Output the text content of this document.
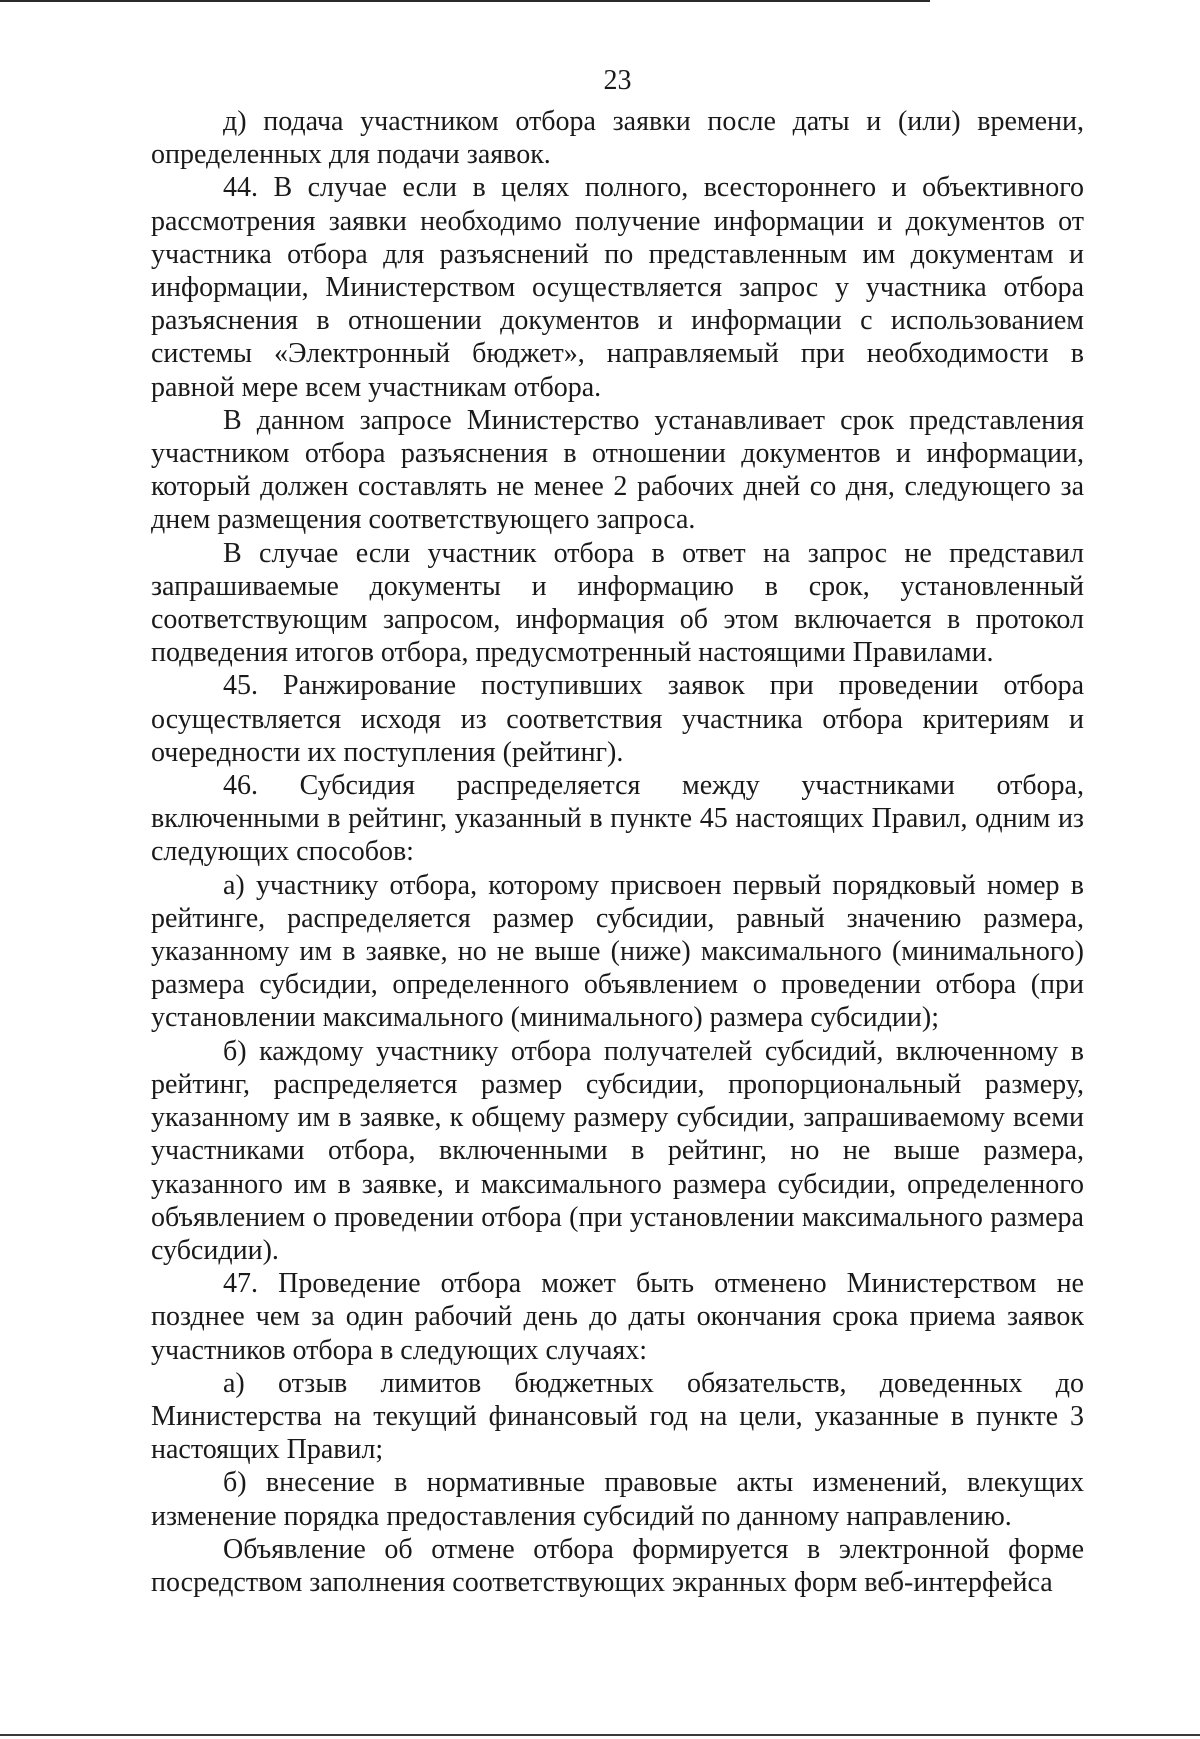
23

д) подача участником отбора заявки после даты и (или) времени, определенных для подачи заявок.

44. В случае если в целях полного, всестороннего и объективного рассмотрения заявки необходимо получение информации и документов от участника отбора для разъяснений по представленным им документам и информации, Министерством осуществляется запрос у участника отбора разъяснения в отношении документов и информации с использованием системы «Электронный бюджет», направляемый при необходимости в равной мере всем участникам отбора.

В данном запросе Министерство устанавливает срок представления участником отбора разъяснения в отношении документов и информации, который должен составлять не менее 2 рабочих дней со дня, следующего за днем размещения соответствующего запроса.

В случае если участник отбора в ответ на запрос не представил запрашиваемые документы и информацию в срок, установленный соответствующим запросом, информация об этом включается в протокол подведения итогов отбора, предусмотренный настоящими Правилами.

45. Ранжирование поступивших заявок при проведении отбора осуществляется исходя из соответствия участника отбора критериям и очередности их поступления (рейтинг).

46. Субсидия распределяется между участниками отбора, включенными в рейтинг, указанный в пункте 45 настоящих Правил, одним из следующих способов:

а) участнику отбора, которому присвоен первый порядковый номер в рейтинге, распределяется размер субсидии, равный значению размера, указанному им в заявке, но не выше (ниже) максимального (минимального) размера субсидии, определенного объявлением о проведении отбора (при установлении максимального (минимального) размера субсидии);

б) каждому участнику отбора получателей субсидий, включенному в рейтинг, распределяется размер субсидии, пропорциональный размеру, указанному им в заявке, к общему размеру субсидии, запрашиваемому всеми участниками отбора, включенными в рейтинг, но не выше размера, указанного им в заявке, и максимального размера субсидии, определенного объявлением о проведении отбора (при установлении максимального размера субсидии).

47. Проведение отбора может быть отменено Министерством не позднее чем за один рабочий день до даты окончания срока приема заявок участников отбора в следующих случаях:

а) отзыв лимитов бюджетных обязательств, доведенных до Министерства на текущий финансовый год на цели, указанные в пункте 3 настоящих Правил;

б) внесение в нормативные правовые акты изменений, влекущих изменение порядка предоставления субсидий по данному направлению.

Объявление об отмене отбора формируется в электронной форме посредством заполнения соответствующих экранных форм веб-интерфейса
